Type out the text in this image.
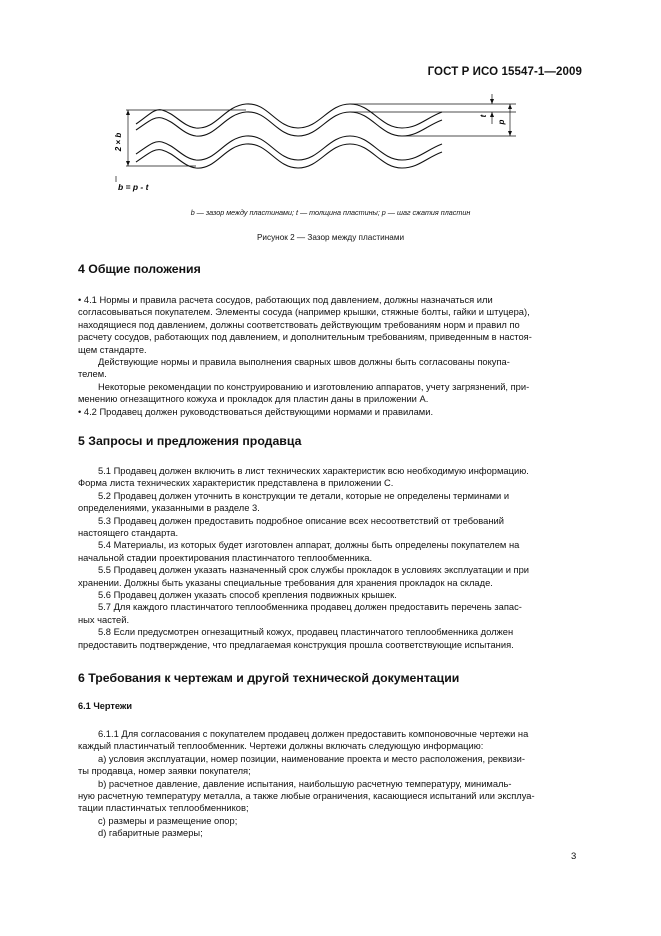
ГОСТ Р ИСО 15547-1—2009
2 × b
t
p
b = p - t
b — зазор между пластинами; t — толщина пластины; p — шаг сжатия пластин
Рисунок 2 — Зазор между пластинами
4 Общие положения
• 4.1 Нормы и правила расчета сосудов, работающих под давлением, должны назначаться или
согласовываться покупателем. Элементы сосуда (например крышки, стяжные болты, гайки и штуцера),
находящиеся под давлением, должны соответствовать действующим требованиям норм и правил по
расчету сосудов, работающих под давлением, и дополнительным требованиям, приведенным в настоя-
щем стандарте.
Действующие нормы и правила выполнения сварных швов должны быть согласованы покупа-
телем.
Некоторые рекомендации по конструированию и изготовлению аппаратов, учету загрязнений, при-
менению огнезащитного кожуха и прокладок для пластин даны в приложении А.
• 4.2 Продавец должен руководствоваться действующими нормами и правилами.
5 Запросы и предложения продавца
5.1 Продавец должен включить в лист технических характеристик всю необходимую информацию.
Форма листа технических характеристик представлена в приложении С.
5.2 Продавец должен уточнить в конструкции те детали, которые не определены терминами и
определениями, указанными в разделе 3.
5.3 Продавец должен предоставить подробное описание всех несоответствий от требований
настоящего стандарта.
5.4 Материалы, из которых будет изготовлен аппарат, должны быть определены покупателем на
начальной стадии проектирования пластинчатого теплообменника.
5.5 Продавец должен указать назначенный срок службы прокладок в условиях эксплуатации и при
хранении. Должны быть указаны специальные требования для хранения прокладок на складе.
5.6 Продавец должен указать способ крепления подвижных крышек.
5.7 Для каждого пластинчатого теплообменника продавец должен предоставить перечень запас-
ных частей.
5.8 Если предусмотрен огнезащитный кожух, продавец пластинчатого теплообменника должен
предоставить подтверждение, что предлагаемая конструкция прошла соответствующие испытания.
6 Требования к чертежам и другой технической документации
6.1 Чертежи
6.1.1 Для согласования с покупателем продавец должен предоставить компоновочные чертежи на
каждый пластинчатый теплообменник. Чертежи должны включать следующую информацию:
а) условия эксплуатации, номер позиции, наименование проекта и место расположения, реквизи-
ты продавца, номер заявки покупателя;
b) расчетное давление, давление испытания, наибольшую расчетную температуру, минималь-
ную расчетную температуру металла, а также любые ограничения, касающиеся испытаний или эксплуа-
тации пластинчатых теплообменников;
с) размеры и размещение опор;
d) габаритные размеры;
3
